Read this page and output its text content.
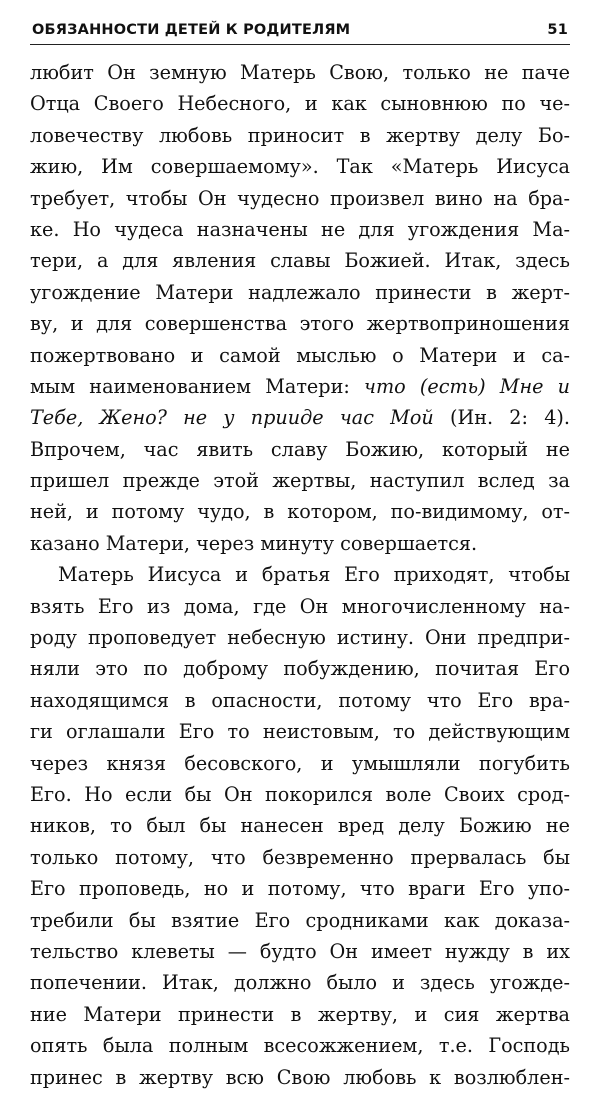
ОБЯЗАННОСТИ ДЕТЕЙ К РОДИТЕЛЯМ	51
любит Он земную Матерь Свою, только не паче
Отца Своего Небесного, и как сыновнюю по че-
ловечеству любовь приносит в жертву делу Бо-
жию, Им совершаемому». Так «Матерь Иисуса
требует, чтобы Он чудесно произвел вино на бра-
ке. Но чудеса назначены не для угождения Ма-
тери, а для явления славы Божией. Итак, здесь
угождение Матери надлежало принести в жерт-
ву, и для совершенства этого жертвоприношения
пожертвовано и самой мыслью о Матери и са-
мым наименованием Матери: что (есть) Мне и
Тебе, Жено? не у прииде час Мой (Ин. 2: 4).
Впрочем, час явить славу Божию, который не
пришел прежде этой жертвы, наступил вслед за
ней, и потому чудо, в котором, по-видимому, от-
казано Матери, через минуту совершается.
Матерь Иисуса и братья Его приходят, чтобы
взять Его из дома, где Он многочисленному на-
роду проповедует небесную истину. Они предпри-
няли это по доброму побуждению, почитая Его
находящимся в опасности, потому что Его вра-
ги оглашали Его то неистовым, то действующим
через князя бесовского, и умышляли погубить
Его. Но если бы Он покорился воле Своих срод-
ников, то был бы нанесен вред делу Божию не
только потому, что безвременно прервалась бы
Его проповедь, но и потому, что враги Его упо-
требили бы взятие Его сродниками как доказа-
тельство клеветы — будто Он имеет нужду в их
попечении. Итак, должно было и здесь угожде-
ние Матери принести в жертву, и сия жертва
опять была полным всесожжением, т.е. Господь
принес в жертву всю Свою любовь к возлюблен-
